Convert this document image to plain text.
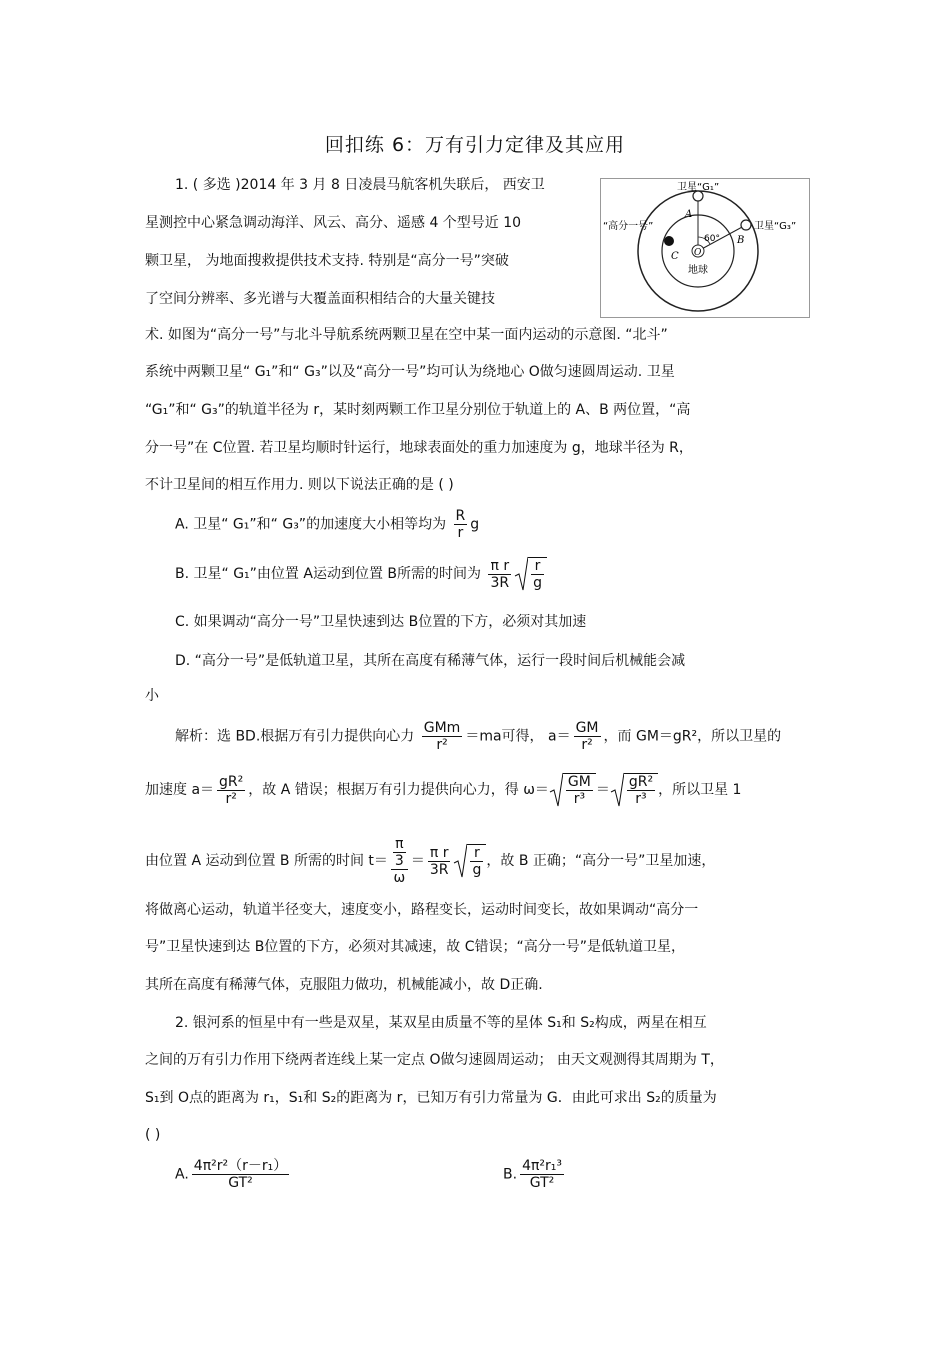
回扣练 6：万有引力定律及其应用
卫星“G₁”
卫星“G₃”
“高分一号”
A
B
C O
60°
地球
1. ( 多选 )2014 年 3 月 8 日凌晨马航客机失联后， 西安卫
星测控中心紧急调动海洋、风云、高分、遥感 4 个型号近 10
颗卫星， 为地面搜救提供技术支持. 特别是“高分一号”突破
了空间分辨率、多光谱与大覆盖面积相结合的大量关键技
术. 如图为“高分一号”与北斗导航系统两颗卫星在空中某一面内运动的示意图. “北斗”
系统中两颗卫星“ G₁”和“ G₃”以及“高分一号”均可认为绕地心 O做匀速圆周运动. 卫星
“G₁”和“ G₃”的轨道半径为 r，某时刻两颗工作卫星分别位于轨道上的 A、B 两位置，“高
分一号”在 C位置. 若卫星均顺时针运行，地球表面处的重力加速度为 g，地球半径为 R，
不计卫星间的相互作用力. 则以下说法正确的是 ( )
A. 卫星“ G₁”和“ G₃”的加速度大小相等均为 $\frac{R}{r}$ g
B. 卫星“ G₁”由位置 A运动到位置 B所需的时间为 $\frac{\text{π r}}{3R} \frac{r}{g}$
C. 如果调动“高分一号”卫星快速到达 B位置的下方，必须对其加速
D. “高分一号”是低轨道卫星，其所在高度有稀薄气体，运行一段时间后机械能会减
小
解析：选 BD.根据万有引力提供向心力 $\frac{\text{GMm}}{\text{r²}} =ma$可得， $a= \frac{GM}{\text{r²}}$ ，而 GM＝gR²，所以卫星的
加速度 $a= \frac{\text{gR²}}{\text{r²}}$ ，故 A 错误；根据万有引力提供向心力，得 $\omega= \frac{GM}{\text{r³}} = \frac{\text{gR²}}{\text{r³}}$ ，所以卫星 1
由位置 A 运动到位置 B 所需的时间 $t= \frac{\frac{\pi}{3}}{\omega} = \frac{\text{π r}}{3R} \frac{r}{g}$ ，故 B 正确；“高分一号”卫星加速，
将做离心运动，轨道半径变大，速度变小，路程变长，运动时间变长，故如果调动“高分一
号”卫星快速到达 B位置的下方，必须对其减速，故 C错误；“高分一号”是低轨道卫星，
其所在高度有稀薄气体，克服阻力做功，机械能减小，故 D正确.
2. 银河系的恒星中有一些是双星，某双星由质量不等的星体 S₁和 S₂构成，两星在相互
之间的万有引力作用下绕两者连线上某一定点 O做匀速圆周运动； 由天文观测得其周期为 T，
S₁到 O点的距离为 r₁，S₁和 S₂的距离为 r，已知万有引力常量为 G．由此可求出 S₂的质量为
( )
A. $\frac{\text{4π²r²（r－r₁）}}{\text{GT²}}$	B. $\frac{\text{4π²r₁³}}{\text{GT²}}$
